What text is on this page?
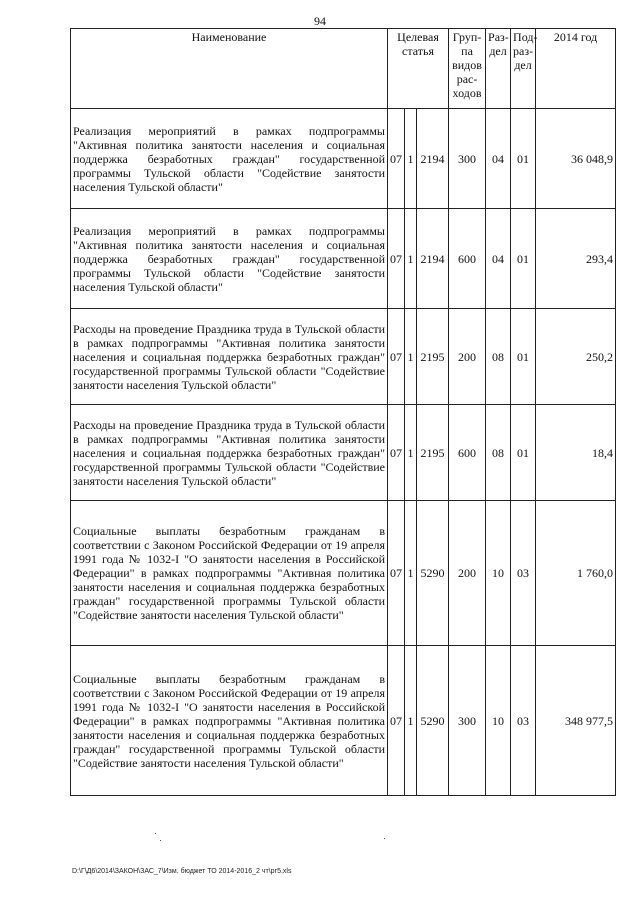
94
Наименование	Целевая статья			Груп-па видов рас-ходов	Раз-дел	Под-раз-дел	2014 год
Реализация мероприятий в рамках подпрограммы "Активная политика занятости населения и социальная поддержка безработных граждан" государственной программы Тульской области "Содействие занятости населения Тульской области"	07	1	2194	300	04	01	36 048,9
Реализация мероприятий в рамках подпрограммы "Активная политика занятости населения и социальная поддержка безработных граждан" государственной программы Тульской области "Содействие занятости населения Тульской области"	07	1	2194	600	04	01	293,4
Расходы на проведение Праздника труда в Тульской области в рамках подпрограммы "Активная политика занятости населения и социальная поддержка безработных граждан" государственной программы Тульской области "Содействие занятости населения Тульской области"	07	1	2195	200	08	01	250,2
Расходы на проведение Праздника труда в Тульской области в рамках подпрограммы "Активная политика занятости населения и социальная поддержка безработных граждан" государственной программы Тульской области "Содействие занятости населения Тульской области"	07	1	2195	600	08	01	18,4
Социальные выплаты безработным гражданам в соответствии с Законом Российской Федерации от 19 апреля 1991 года № 1032-I "О занятости населения в Российской Федерации" в рамках подпрограммы "Активная политика занятости населения и социальная поддержка безработных граждан" государственной программы Тульской области "Содействие занятости населения Тульской области"	07	1	5290	200	10	03	1 760,0
Социальные выплаты безработным гражданам в соответствии с Законом Российской Федерации от 19 апреля 1991 года № 1032-I "О занятости населения в Российской Федерации" в рамках подпрограммы "Активная политика занятости населения и социальная поддержка безработных граждан" государственной программы Тульской области "Содействие занятости населения Тульской области"	07	1	5290	300	10	03	348 977,5
D:\Г\Д6\2014\ЗАКОН\ЗАС_7\Изм. бюджет ТО 2014-2016_2 чт\рг5.xls
